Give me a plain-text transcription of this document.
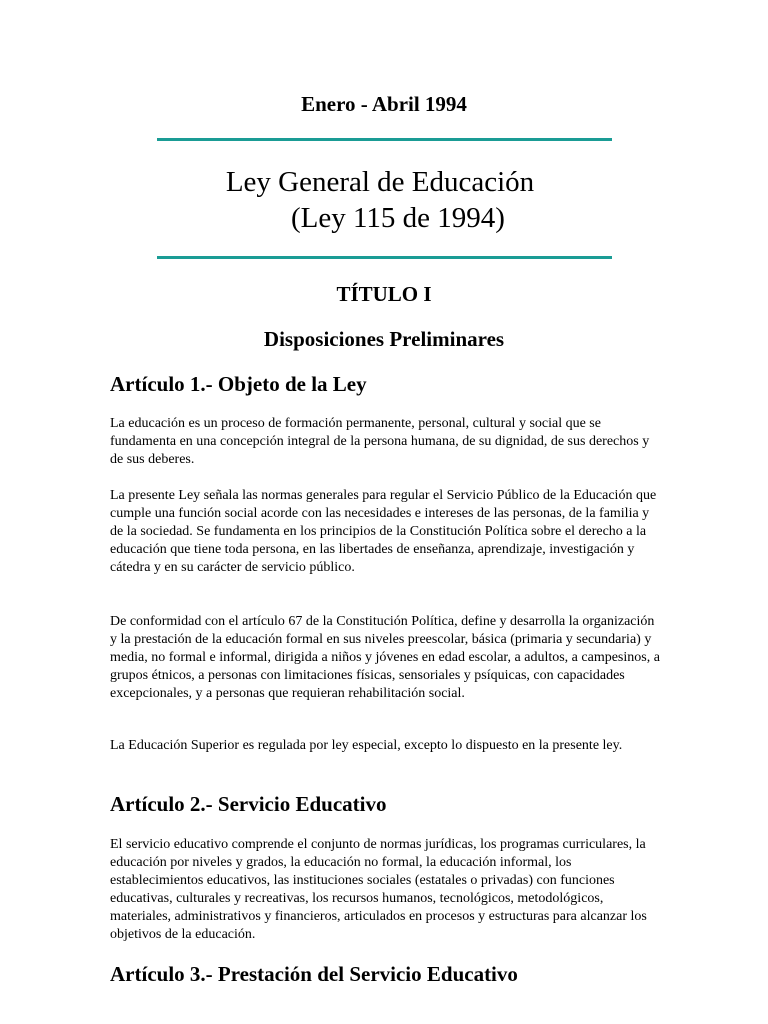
Enero - Abril 1994
Ley General de Educación
(Ley 115 de 1994)
TÍTULO I
Disposiciones Preliminares
Artículo 1.- Objeto de la Ley
La educación es un proceso de formación permanente, personal, cultural y social que se fundamenta en una concepción integral de la persona humana, de su dignidad, de sus derechos y de sus deberes.
La presente Ley señala las normas generales para regular el Servicio Público de la Educación que cumple una función social acorde con las necesidades e intereses de las personas, de la familia y de la sociedad. Se fundamenta en los principios de la Constitución Política sobre el derecho a la educación que tiene toda persona, en las libertades de enseñanza, aprendizaje, investigación y cátedra y en su carácter de servicio público.
De conformidad con el artículo 67 de la Constitución Política, define y desarrolla la organización y la prestación de la educación formal en sus niveles preescolar, básica (primaria y secundaria) y media, no formal e informal, dirigida a niños y jóvenes en edad escolar, a adultos, a campesinos, a grupos étnicos, a personas con limitaciones físicas, sensoriales y psíquicas, con capacidades excepcionales, y a personas que requieran rehabilitación social.
La Educación Superior es regulada por ley especial, excepto lo dispuesto en la presente ley.
Artículo 2.- Servicio Educativo
El servicio educativo comprende el conjunto de normas jurídicas, los programas curriculares, la educación por niveles y grados, la educación no formal, la educación informal, los establecimientos educativos, las instituciones sociales (estatales o privadas) con funciones educativas, culturales y recreativas, los recursos humanos, tecnológicos, metodológicos, materiales, administrativos y financieros, articulados en procesos y estructuras para alcanzar los objetivos de la educación.
Artículo 3.- Prestación del Servicio Educativo
